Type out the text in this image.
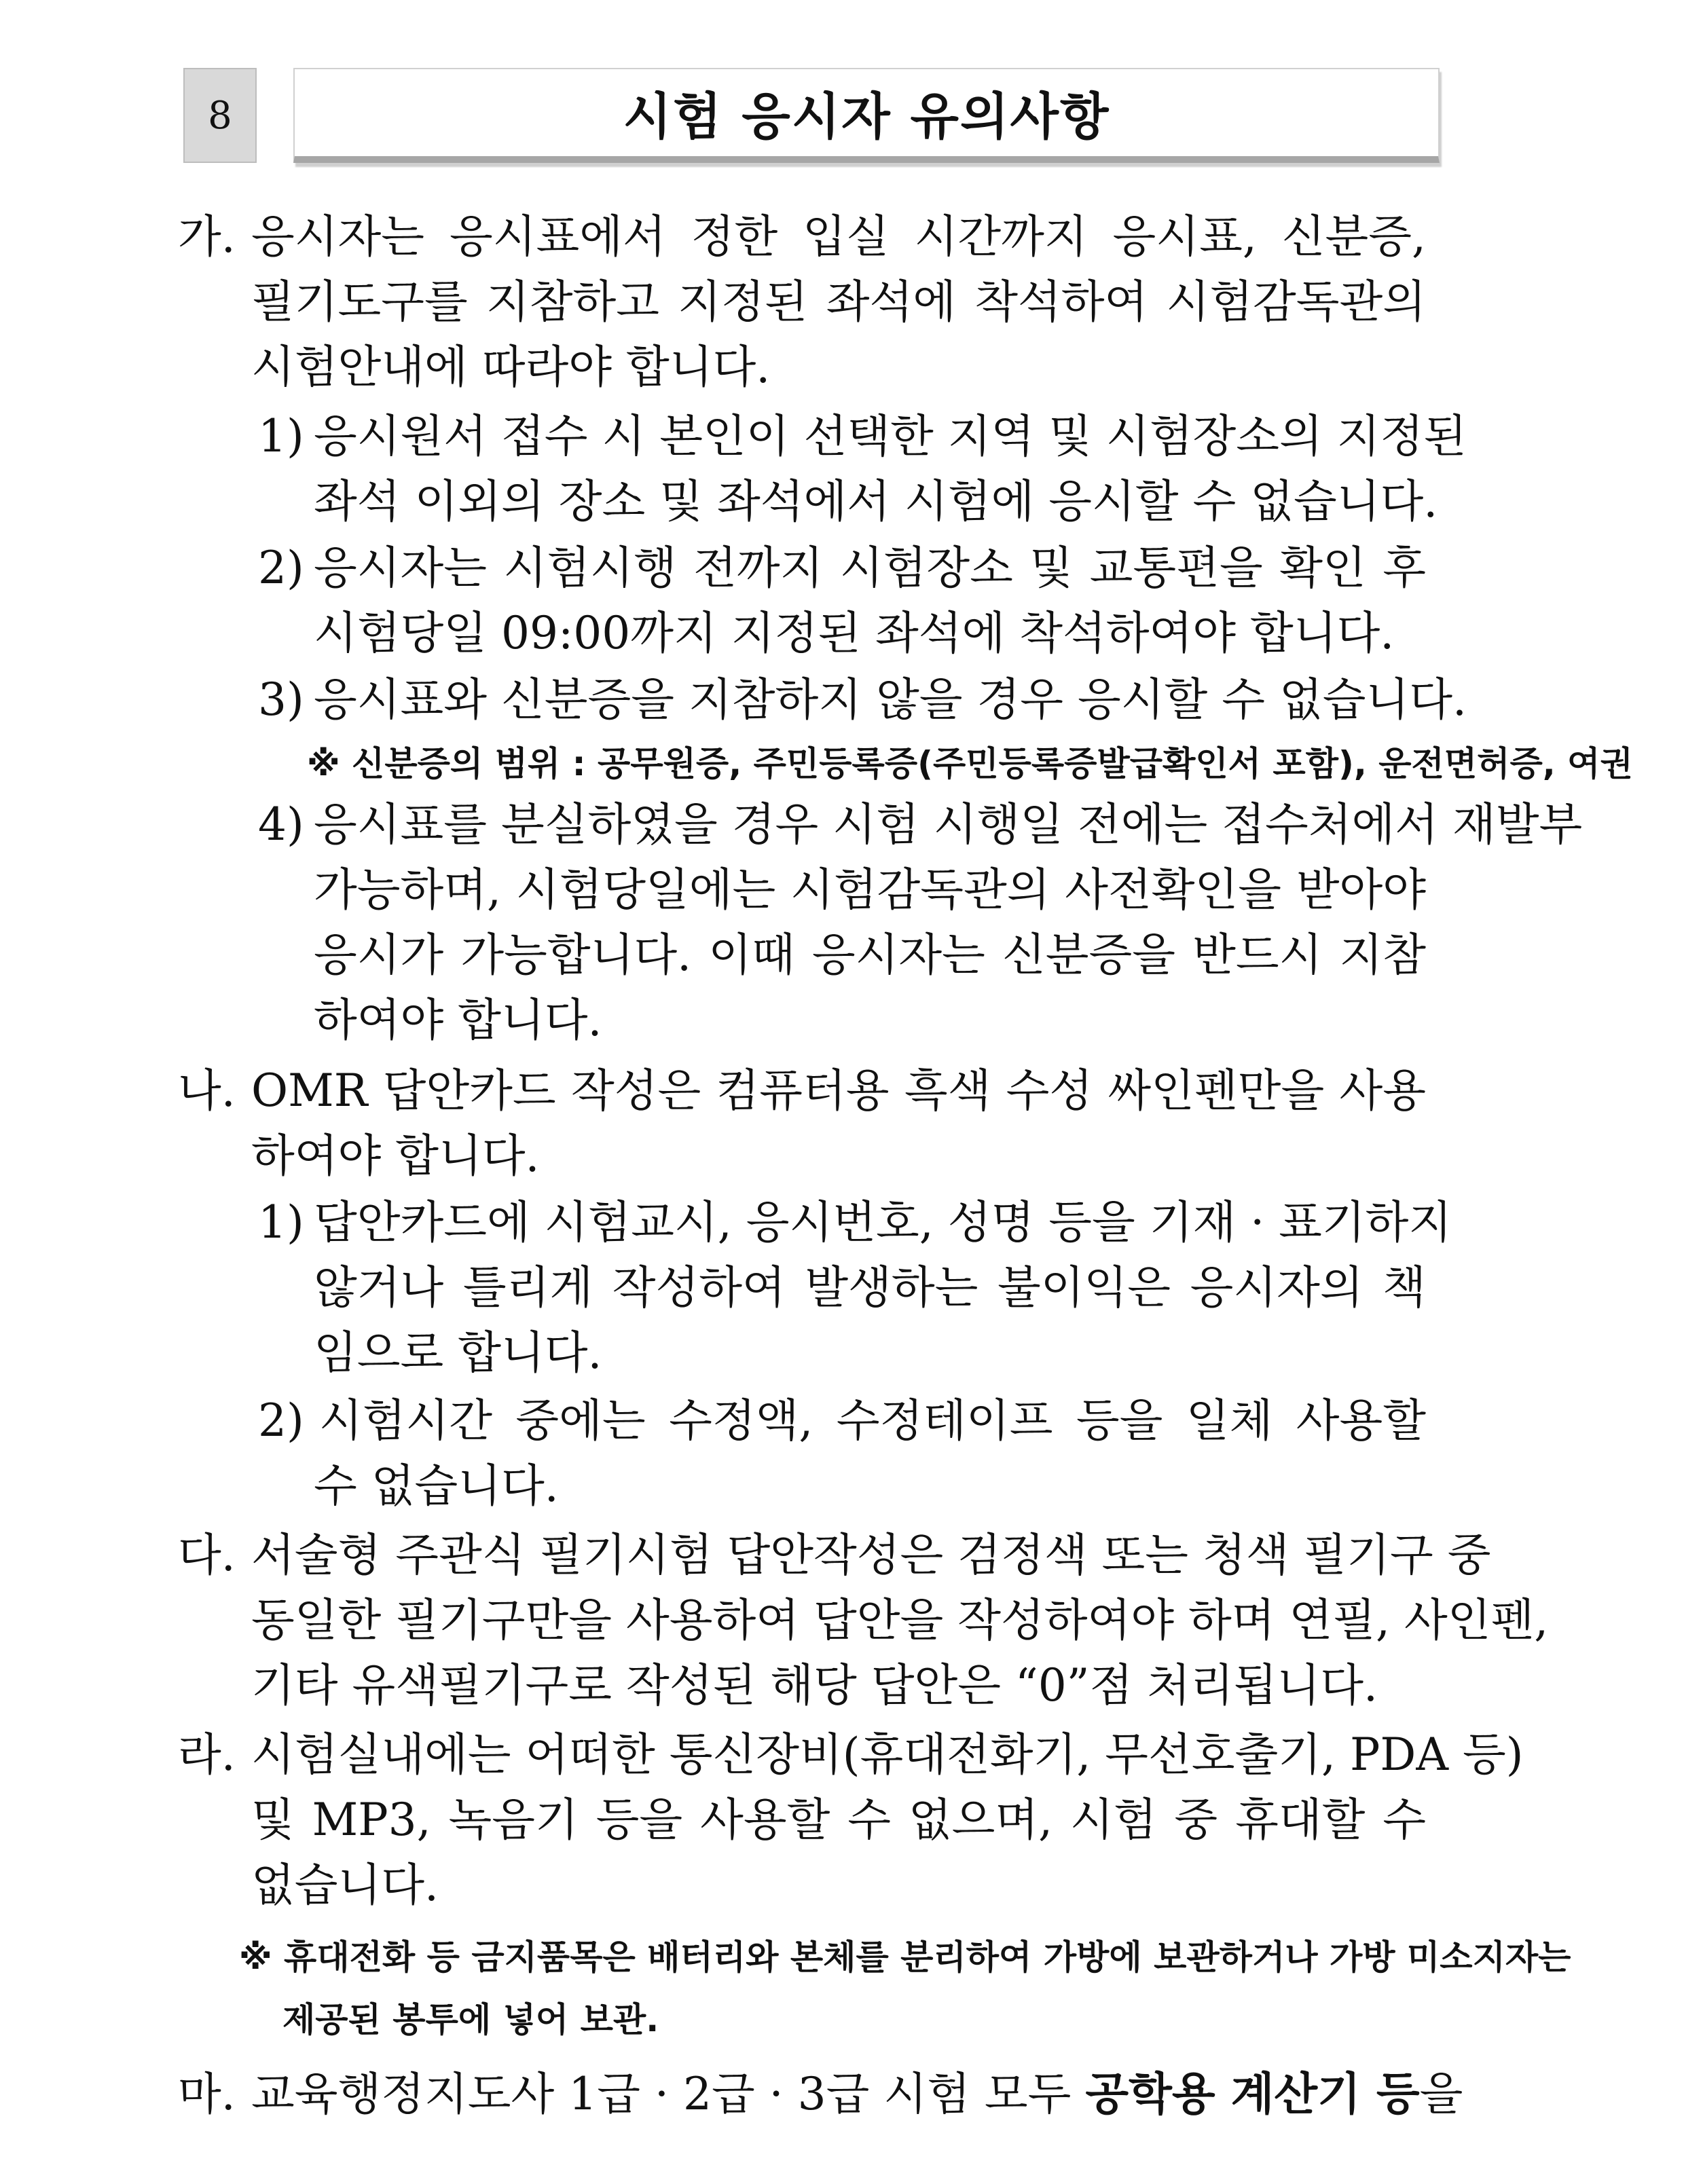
8	시험 응시자 유의사항
가. 응시자는 응시표에서 정한 입실 시간까지 응시표, 신분증,
필기도구를 지참하고 지정된 좌석에 착석하여 시험감독관의
시험안내에 따라야 합니다.
1) 응시원서 접수 시 본인이 선택한 지역 및 시험장소의 지정된
좌석 이외의 장소 및 좌석에서 시험에 응시할 수 없습니다.
2) 응시자는 시험시행 전까지 시험장소 및 교통편을 확인 후
시험당일 09:00까지 지정된 좌석에 착석하여야 합니다.
3) 응시표와 신분증을 지참하지 않을 경우 응시할 수 없습니다.
※ 신분증의 범위 : 공무원증, 주민등록증(주민등록증발급확인서 포함), 운전면허증, 여권
4) 응시표를 분실하였을 경우 시험 시행일 전에는 접수처에서 재발부
가능하며, 시험당일에는 시험감독관의 사전확인을 받아야
응시가 가능합니다. 이때 응시자는 신분증을 반드시 지참
하여야 합니다.
나. OMR 답안카드 작성은 컴퓨터용 흑색 수성 싸인펜만을 사용
하여야 합니다.
1) 답안카드에 시험교시, 응시번호, 성명 등을 기재 · 표기하지
않거나 틀리게 작성하여 발생하는 불이익은 응시자의 책
임으로 합니다.
2) 시험시간 중에는 수정액, 수정테이프 등을 일체 사용할
수 없습니다.
다. 서술형 주관식 필기시험 답안작성은 검정색 또는 청색 필기구 중
동일한 필기구만을 사용하여 답안을 작성하여야 하며 연필, 사인펜,
기타 유색필기구로 작성된 해당 답안은 “0”점 처리됩니다.
라. 시험실내에는 어떠한 통신장비(휴대전화기, 무선호출기, PDA 등)
및 MP3, 녹음기 등을 사용할 수 없으며, 시험 중 휴대할 수
없습니다.
※ 휴대전화 등 금지품목은 배터리와 본체를 분리하여 가방에 보관하거나 가방 미소지자는
제공된 봉투에 넣어 보관.
마. 교육행정지도사 1급 · 2급 · 3급 시험 모두 공학용 계산기 등을
